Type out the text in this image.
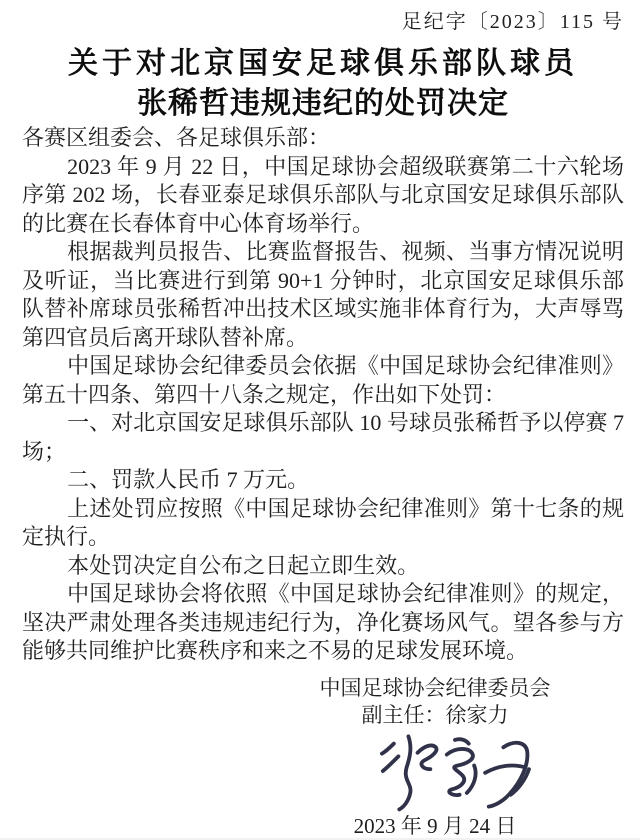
足纪字〔2023〕115 号
关于对北京国安足球俱乐部队球员
张稀哲违规违纪的处罚决定

各赛区组委会、各足球俱乐部：

2023 年 9 月 22 日，中国足球协会超级联赛第二十六轮场序第 202 场，长春亚泰足球俱乐部队与北京国安足球俱乐部队的比赛在长春体育中心体育场举行。

根据裁判员报告、比赛监督报告、视频、当事方情况说明及听证，当比赛进行到第 90+1 分钟时，北京国安足球俱乐部队替补席球员张稀哲冲出技术区域实施非体育行为，大声辱骂第四官员后离开球队替补席。

中国足球协会纪律委员会依据《中国足球协会纪律准则》第五十四条、第四十八条之规定，作出如下处罚：

一、对北京国安足球俱乐部队 10 号球员张稀哲予以停赛 7 场；

二、罚款人民币 7 万元。

上述处罚应按照《中国足球协会纪律准则》第十七条的规定执行。

本处罚决定自公布之日起立即生效。

中国足球协会将依照《中国足球协会纪律准则》的规定，坚决严肃处理各类违规违纪行为，净化赛场风气。望各参与方能够共同维护比赛秩序和来之不易的足球发展环境。

中国足球协会纪律委员会
副主任：徐家力
2023 年 9 月 24 日
